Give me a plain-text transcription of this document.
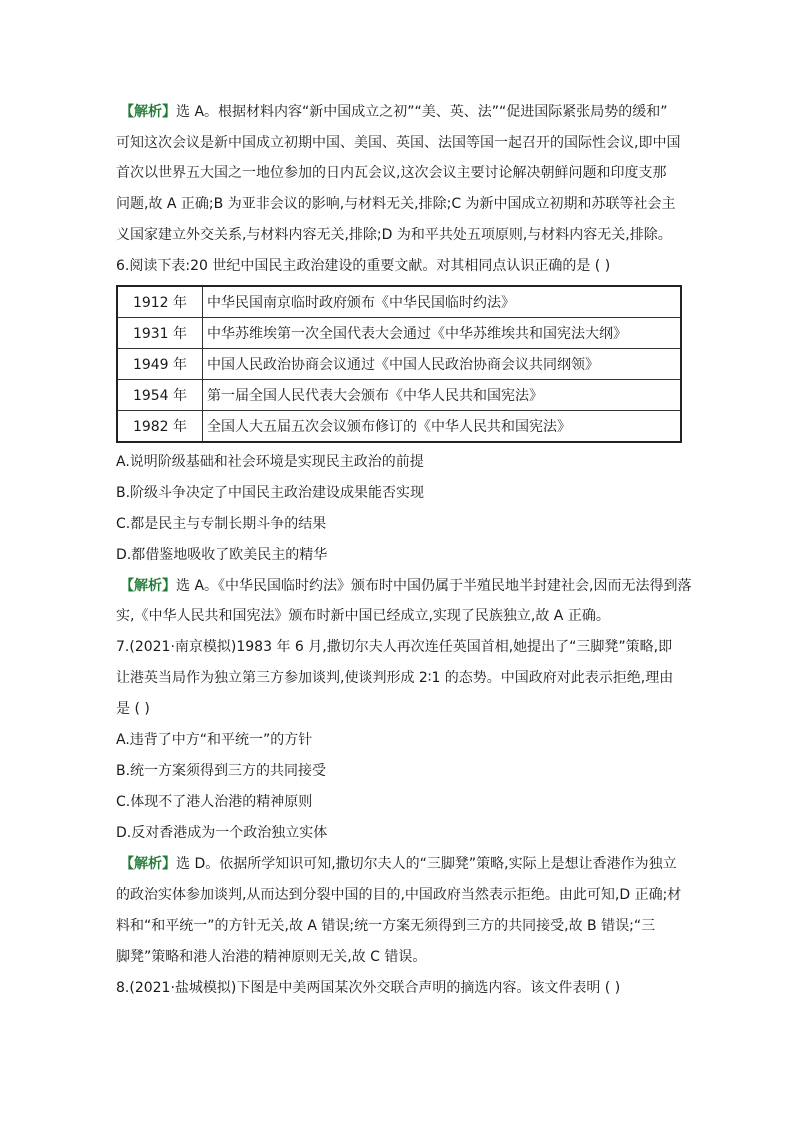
【解析】选 A。根据材料内容“新中国成立之初”“美、英、法”“促进国际紧张局势的缓和”
可知这次会议是新中国成立初期中国、美国、英国、法国等国一起召开的国际性会议,即中国
首次以世界五大国之一地位参加的日内瓦会议,这次会议主要讨论解决朝鲜问题和印度支那
问题,故 A 正确;B 为亚非会议的影响,与材料无关,排除;C 为新中国成立初期和苏联等社会主
义国家建立外交关系,与材料内容无关,排除;D 为和平共处五项原则,与材料内容无关,排除。
6.阅读下表:20 世纪中国民主政治建设的重要文献。对其相同点认识正确的是 ( )
1912 年	中华民国南京临时政府颁布《中华民国临时约法》
1931 年	中华苏维埃第一次全国代表大会通过《中华苏维埃共和国宪法大纲》
1949 年	中国人民政治协商会议通过《中国人民政治协商会议共同纲领》
1954 年	第一届全国人民代表大会颁布《中华人民共和国宪法》
1982 年	全国人大五届五次会议颁布修订的《中华人民共和国宪法》
A.说明阶级基础和社会环境是实现民主政治的前提
B.阶级斗争决定了中国民主政治建设成果能否实现
C.都是民主与专制长期斗争的结果
D.都借鉴地吸收了欧美民主的精华
【解析】选 A。《中华民国临时约法》颁布时中国仍属于半殖民地半封建社会,因而无法得到落
实,《中华人民共和国宪法》颁布时新中国已经成立,实现了民族独立,故 A 正确。
7.(2021·南京模拟)1983 年 6 月,撒切尔夫人再次连任英国首相,她提出了“三脚凳”策略,即
让港英当局作为独立第三方参加谈判,使谈判形成 2∶1 的态势。中国政府对此表示拒绝,理由
是 ( )
A.违背了中方“和平统一”的方针
B.统一方案须得到三方的共同接受
C.体现不了港人治港的精神原则
D.反对香港成为一个政治独立实体
【解析】选 D。依据所学知识可知,撒切尔夫人的“三脚凳”策略,实际上是想让香港作为独立
的政治实体参加谈判,从而达到分裂中国的目的,中国政府当然表示拒绝。由此可知,D 正确;材
料和“和平统一”的方针无关,故 A 错误;统一方案无须得到三方的共同接受,故 B 错误;“三
脚凳”策略和港人治港的精神原则无关,故 C 错误。
8.(2021·盐城模拟)下图是中美两国某次外交联合声明的摘选内容。该文件表明 ( )
